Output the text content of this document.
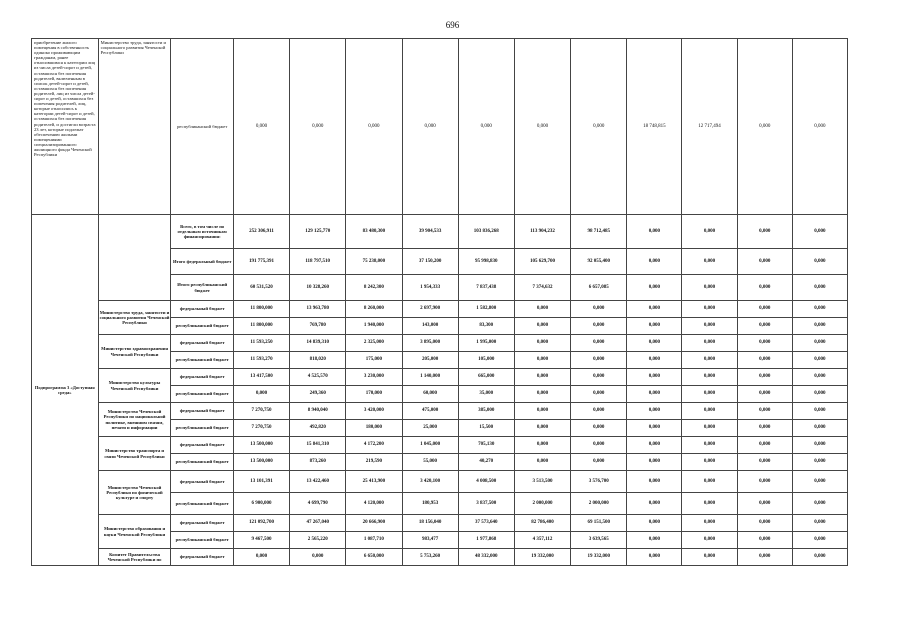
696
приобретение жилого помещения в собственность одиноко проживающим гражданам, ранее относившимся к категории лиц из числа детей-сирот и детей, оставшихся без попечения родителей, включенным в список детей-сирот и детей, оставшихся без попечения родителей, лиц из числа детей-сирот и детей, оставшихся без попечения родителей, лиц, которые относились к категории детей-сирот и детей, оставшихся без попечения родителей, и достигли возраста 23 лет, которые подлежат обеспечению жилыми помещениями специализированного жилищного фонда Чеченской Республики	Министерство труда, занятости и социального развития Чеченской Республики	республиканский бюджет	0,000	0,000	0,000	0,000	0,000	0,000	0,000	18 748,815	12 717,494	0,000	0,000
Подпрограмма 3 «Доступная среда»		Всего, в том числе по отдельным источникам финансирования:	252 306,911	129 125,770	83 480,300	39 904,533	103 836,268	113 904,232	98 712,485	0,000	0,000	0,000	0,000
		Итого федеральный бюджет	191 775,391	118 797,510	75 238,000	37 150,200	95 998,830	105 629,700	92 055,400	0,000	0,000	0,000	0,000
		Итого республиканский бюджет	60 531,520	10 328,260	8 242,300	1 954,333	7 837,438	7 374,632	6 657,085	0,000	0,000	0,000	0,000
	Министерство труда, занятости и социального развития Чеченской Республики	федеральный бюджет	11 800,000	13 963,780	8 260,000	2 697,900	1 582,800	0,000	0,000	0,000	0,000	0,000	0,000
		республиканский бюджет	11 800,000	769,780	1 940,000	143,000	83,300	0,000	0,000	0,000	0,000	0,000	0,000
	Министерство здравоохранения Чеченской Республики	федеральный бюджет	11 593,250	14 839,310	2 325,000	3 895,000	1 995,000	0,000	0,000	0,000	0,000	0,000	0,000
		республиканский бюджет	11 593,270	818,020	175,000	205,000	105,000	0,000	0,000	0,000	0,000	0,000	0,000
	Министерство культуры Чеченской Республики	федеральный бюджет	13 417,500	4 525,570	3 230,000	1 140,000	665,000	0,000	0,000	0,000	0,000	0,000	0,000
		республиканский бюджет	0,000	249,360	170,000	60,000	35,000	0,000	0,000	0,000	0,000	0,000	0,000
	Министерство Чеченской Республики по национальной политике, внешним связям, печати и информации	федеральный бюджет	7 270,750	8 940,040	3 420,000	475,000	385,000	0,000	0,000	0,000	0,000	0,000	0,000
		республиканский бюджет	7 270,750	492,820	180,000	25,000	15,500	0,000	0,000	0,000	0,000	0,000	0,000
	Министерство транспорта и связи Чеченской Республики	федеральный бюджет	13 500,000	15 841,310	4 172,200	1 045,000	705,130	0,000	0,000	0,000	0,000	0,000	0,000
		республиканский бюджет	13 500,000	873,260	219,590	55,000	40,270	0,000	0,000	0,000	0,000	0,000	0,000
	Министерство Чеченской Республики по физической культуре и спорту	федеральный бюджет	13 101,391	13 422,460	25 413,900	3 420,100	4 008,500	3 513,500	3 576,700	0,000	0,000	0,000	0,000
		республиканский бюджет	6 900,000	4 699,790	4 120,000	180,953	3 837,500	2 000,000	2 000,000	0,000	0,000	0,000	0,000
	Министерство образования и науки Чеченской Республики	федеральный бюджет	121 092,700	47 267,040	20 666,900	18 156,040	37 573,640	82 786,400	69 151,500	0,000	0,000	0,000	0,000
		республиканский бюджет	9 467,500	2 565,220	1 087,710	983,477	1 977,868	4 357,112	3 639,565	0,000	0,000	0,000	0,000
	Комитет Правительства Чеченской Республики по	федеральный бюджет	0,000	0,000	6 650,000	5 753,260	48 332,000	19 332,000	19 332,000	0,000	0,000	0,000	0,000
